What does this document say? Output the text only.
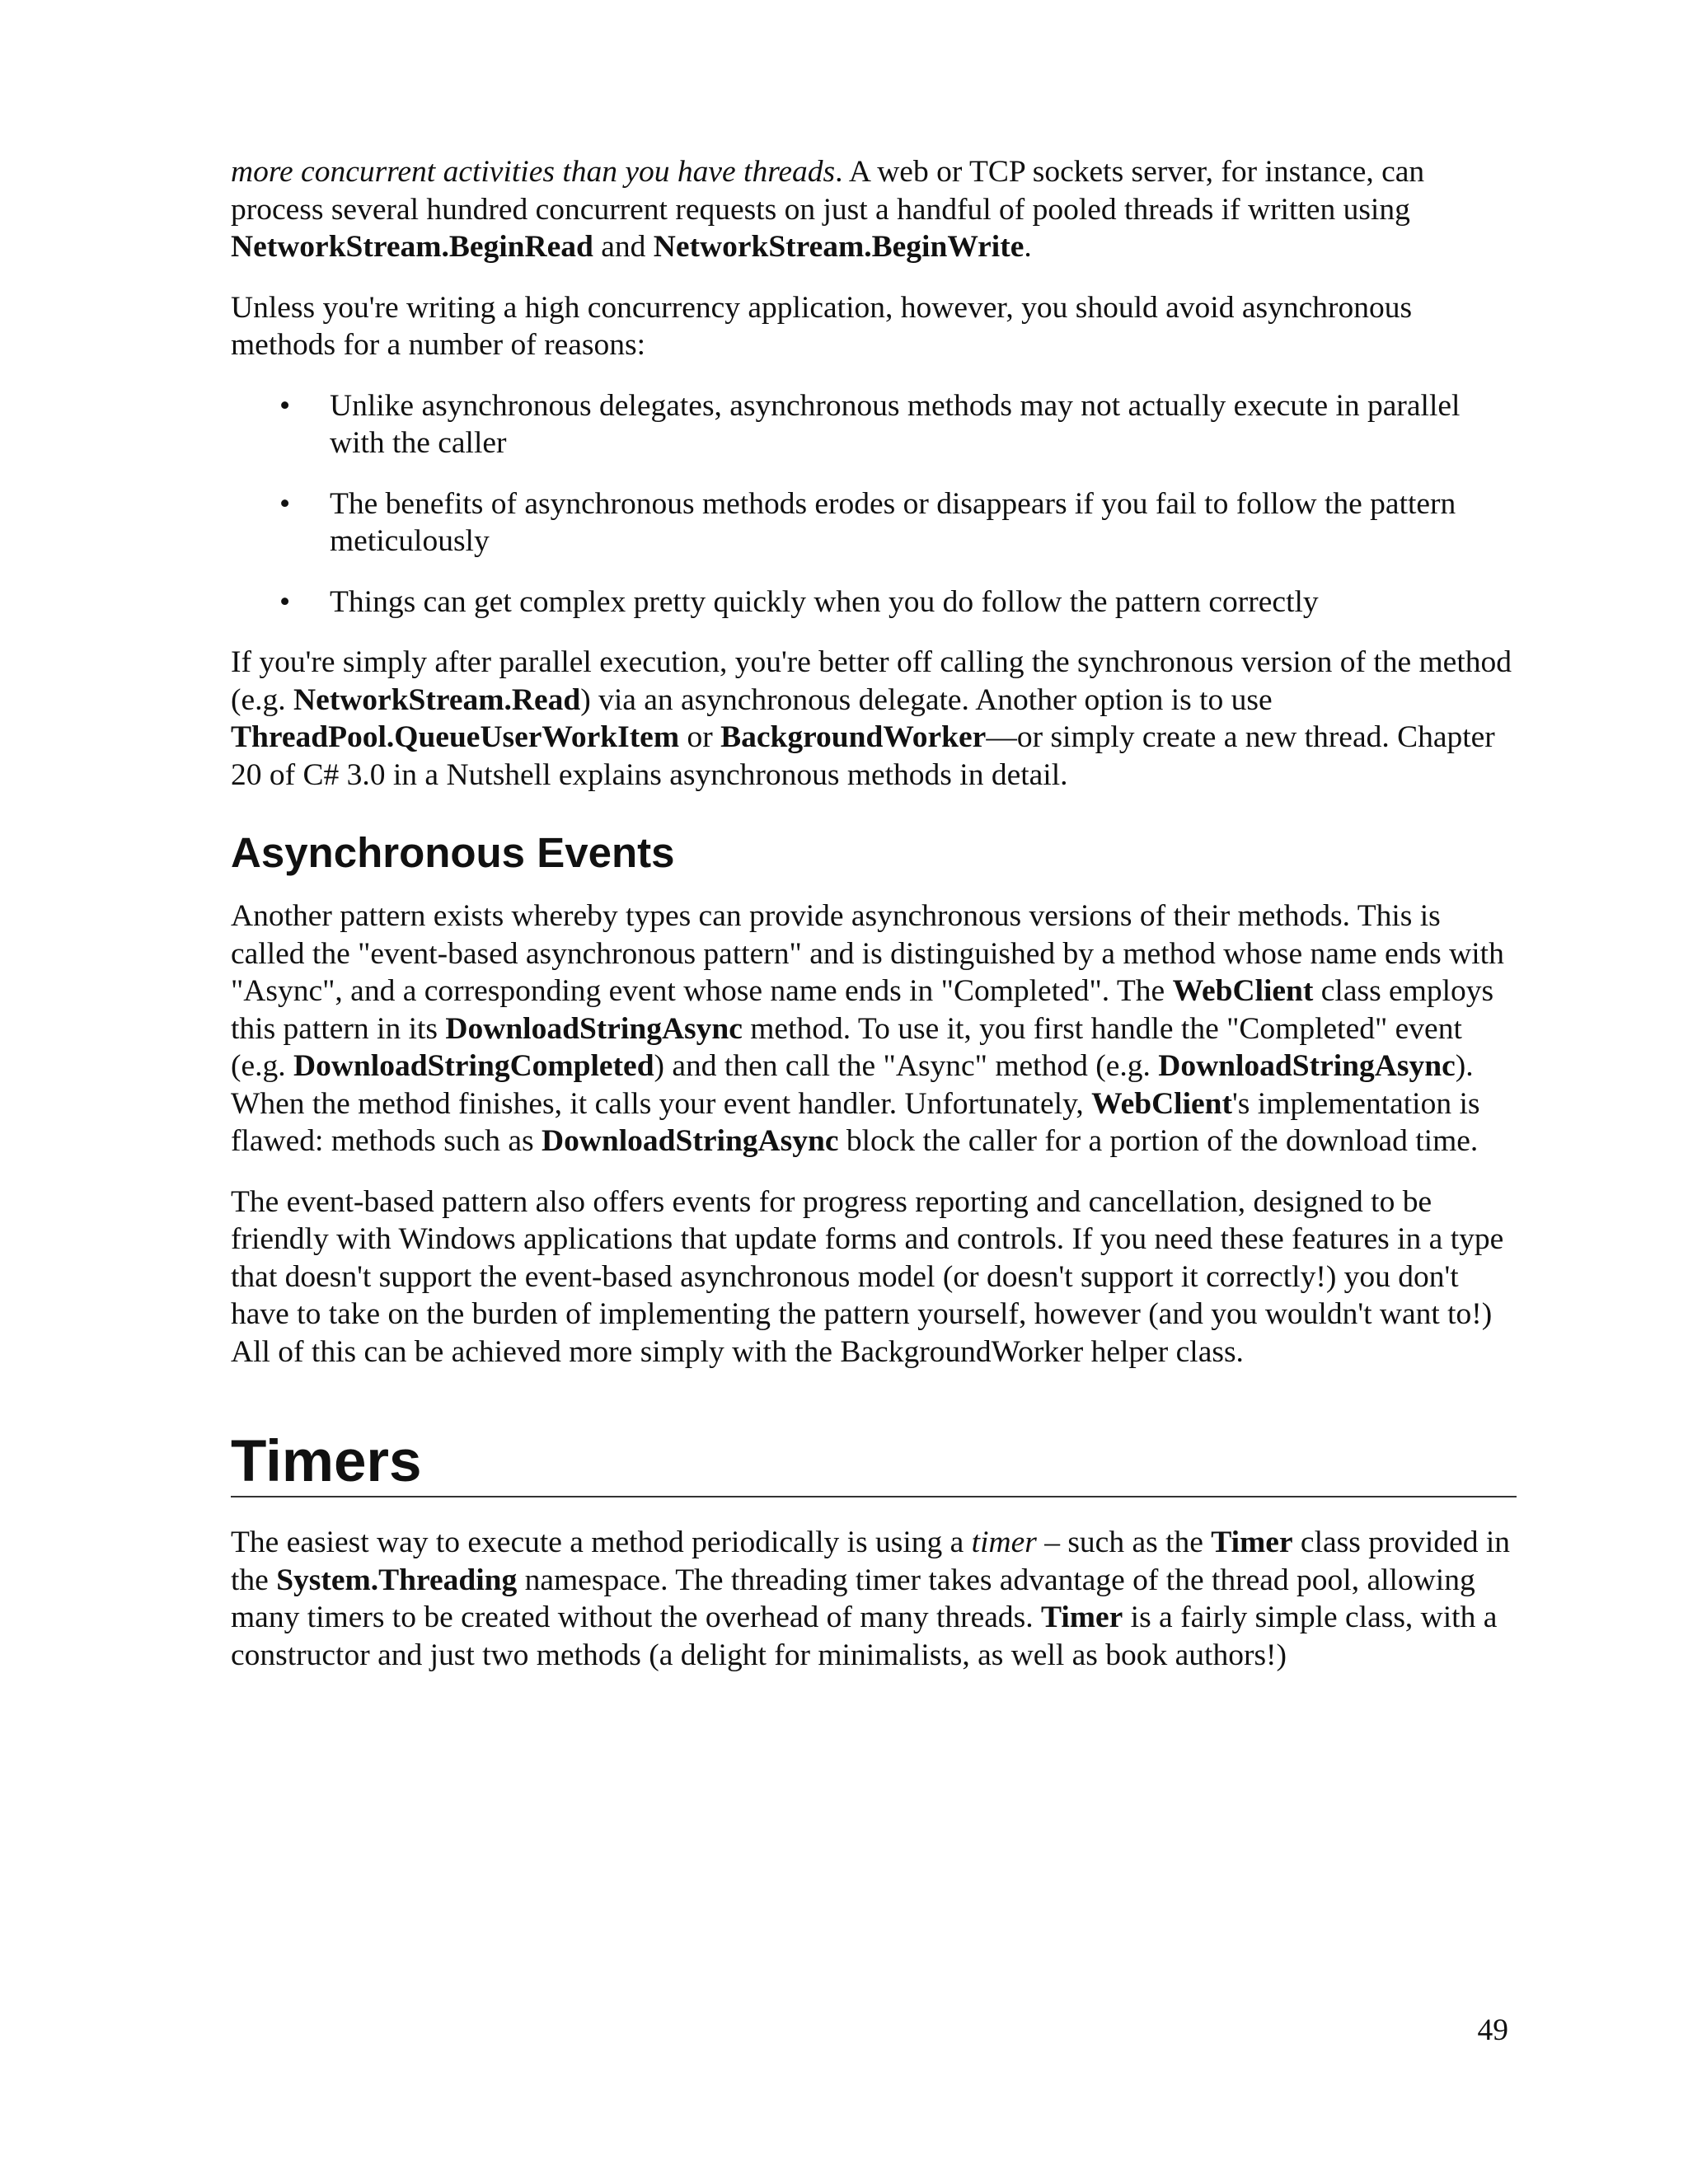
more concurrent activities than you have threads. A web or TCP sockets server, for instance, can process several hundred concurrent requests on just a handful of pooled threads if written using NetworkStream.BeginRead and NetworkStream.BeginWrite.

Unless you're writing a high concurrency application, however, you should avoid asynchronous methods for a number of reasons:

• Unlike asynchronous delegates, asynchronous methods may not actually execute in parallel with the caller
• The benefits of asynchronous methods erodes or disappears if you fail to follow the pattern meticulously
• Things can get complex pretty quickly when you do follow the pattern correctly

If you're simply after parallel execution, you're better off calling the synchronous version of the method (e.g. NetworkStream.Read) via an asynchronous delegate. Another option is to use ThreadPool.QueueUserWorkItem or BackgroundWorker—or simply create a new thread. Chapter 20 of C# 3.0 in a Nutshell explains asynchronous methods in detail.

Asynchronous Events

Another pattern exists whereby types can provide asynchronous versions of their methods. This is called the "event-based asynchronous pattern" and is distinguished by a method whose name ends with "Async", and a corresponding event whose name ends in "Completed". The WebClient class employs this pattern in its DownloadStringAsync method. To use it, you first handle the "Completed" event (e.g. DownloadStringCompleted) and then call the "Async" method (e.g. DownloadStringAsync). When the method finishes, it calls your event handler. Unfortunately, WebClient's implementation is flawed: methods such as DownloadStringAsync block the caller for a portion of the download time.

The event-based pattern also offers events for progress reporting and cancellation, designed to be friendly with Windows applications that update forms and controls. If you need these features in a type that doesn't support the event-based asynchronous model (or doesn't support it correctly!) you don't have to take on the burden of implementing the pattern yourself, however (and you wouldn't want to!) All of this can be achieved more simply with the BackgroundWorker helper class.

Timers

The easiest way to execute a method periodically is using a timer – such as the Timer class provided in the System.Threading namespace. The threading timer takes advantage of the thread pool, allowing many timers to be created without the overhead of many threads. Timer is a fairly simple class, with a constructor and just two methods (a delight for minimalists, as well as book authors!)

49
